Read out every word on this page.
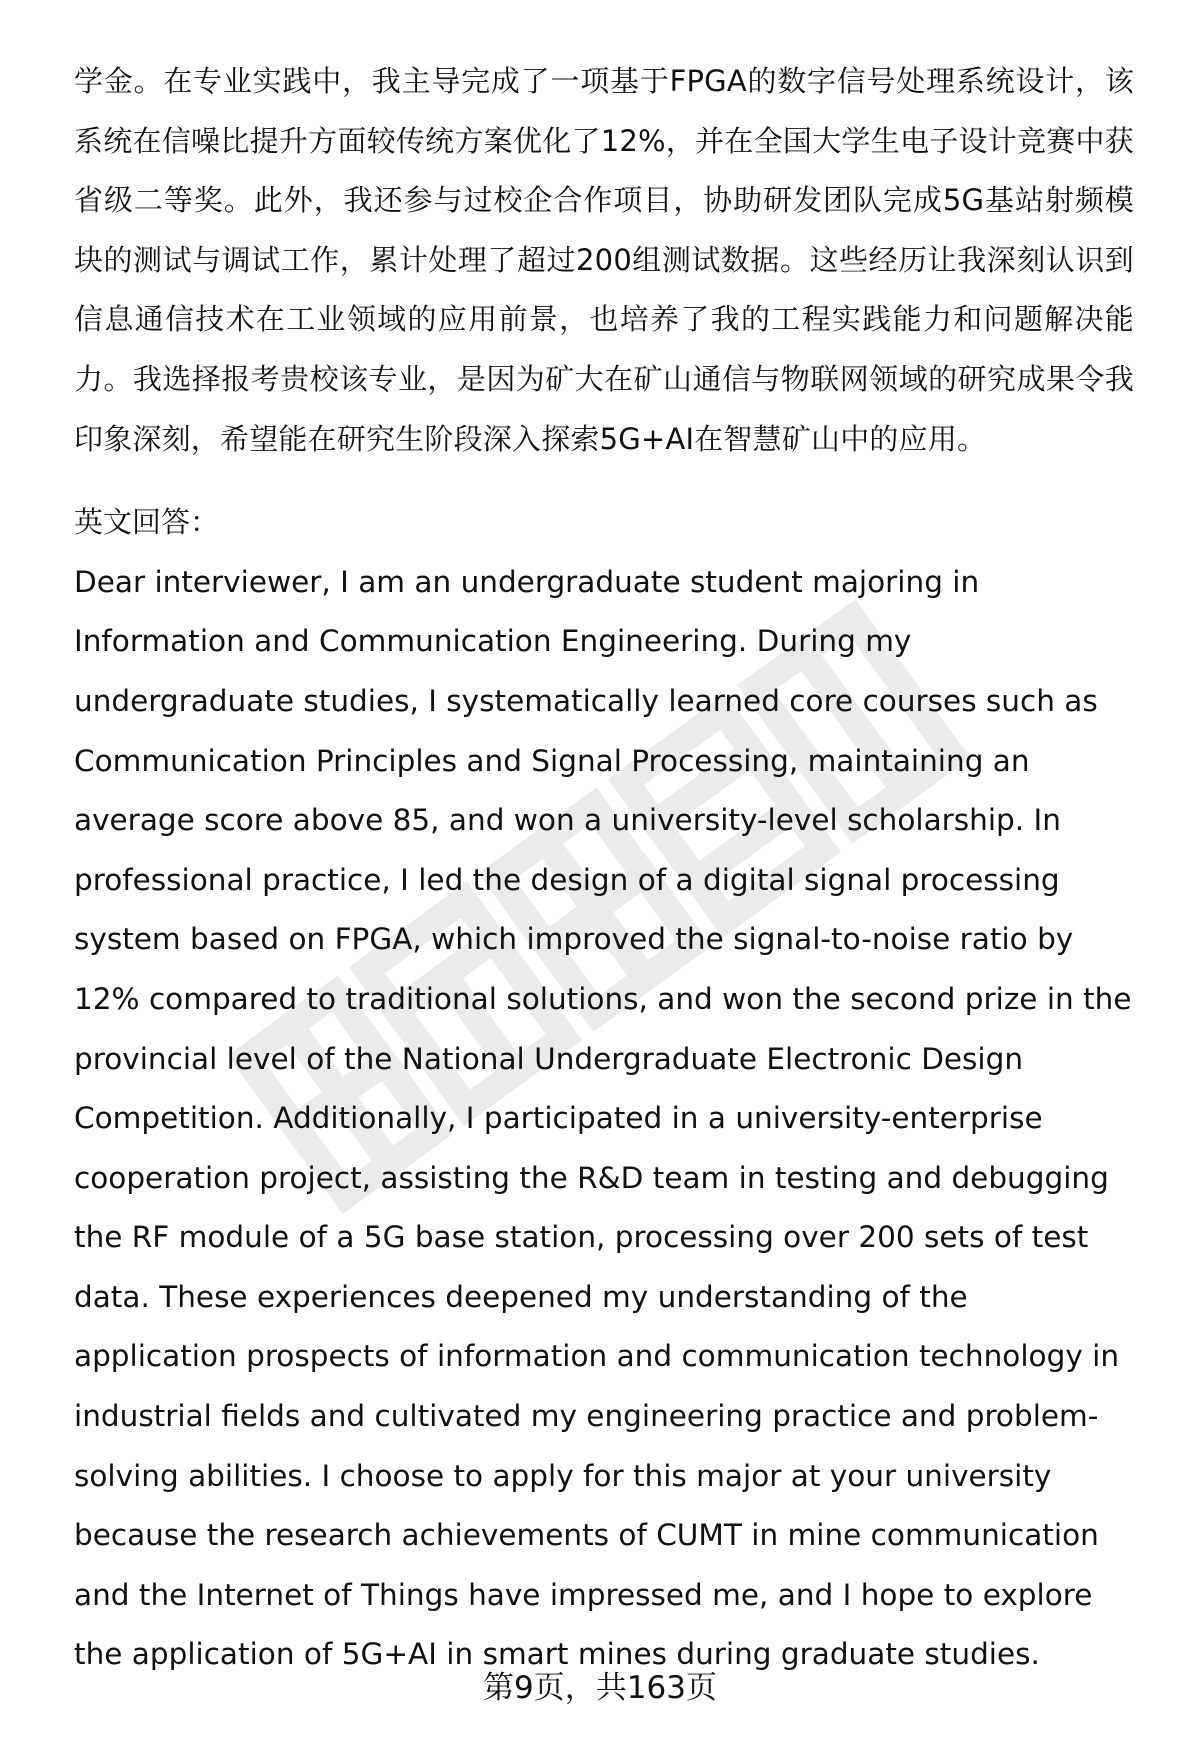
学金。在专业实践中，我主导完成了一项基于FPGA的数字信号处理系统设计，该系统在信噪比提升方面较传统方案优化了12%，并在全国大学生电子设计竞赛中获省级二等奖。此外，我还参与过校企合作项目，协助研发团队完成5G基站射频模块的测试与调试工作，累计处理了超过200组测试数据。这些经历让我深刻认识到信息通信技术在工业领域的应用前景，也培养了我的工程实践能力和问题解决能力。我选择报考贵校该专业，是因为矿大在矿山通信与物联网领域的研究成果令我印象深刻，希望能在研究生阶段深入探索5G+AI在智慧矿山中的应用。

英文回答：

Dear interviewer, I am an undergraduate student majoring in Information and Communication Engineering. During my undergraduate studies, I systematically learned core courses such as Communication Principles and Signal Processing, maintaining an average score above 85, and won a university-level scholarship. In professional practice, I led the design of a digital signal processing system based on FPGA, which improved the signal-to-noise ratio by 12% compared to traditional solutions, and won the second prize in the provincial level of the National Undergraduate Electronic Design Competition. Additionally, I participated in a university-enterprise cooperation project, assisting the R&D team in testing and debugging the RF module of a 5G base station, processing over 200 sets of test data. These experiences deepened my understanding of the application prospects of information and communication technology in industrial fields and cultivated my engineering practice and problem-solving abilities. I choose to apply for this major at your university because the research achievements of CUMT in mine communication and the Internet of Things have impressed me, and I hope to explore the application of 5G+AI in smart mines during graduate studies.

第9页，共163页
